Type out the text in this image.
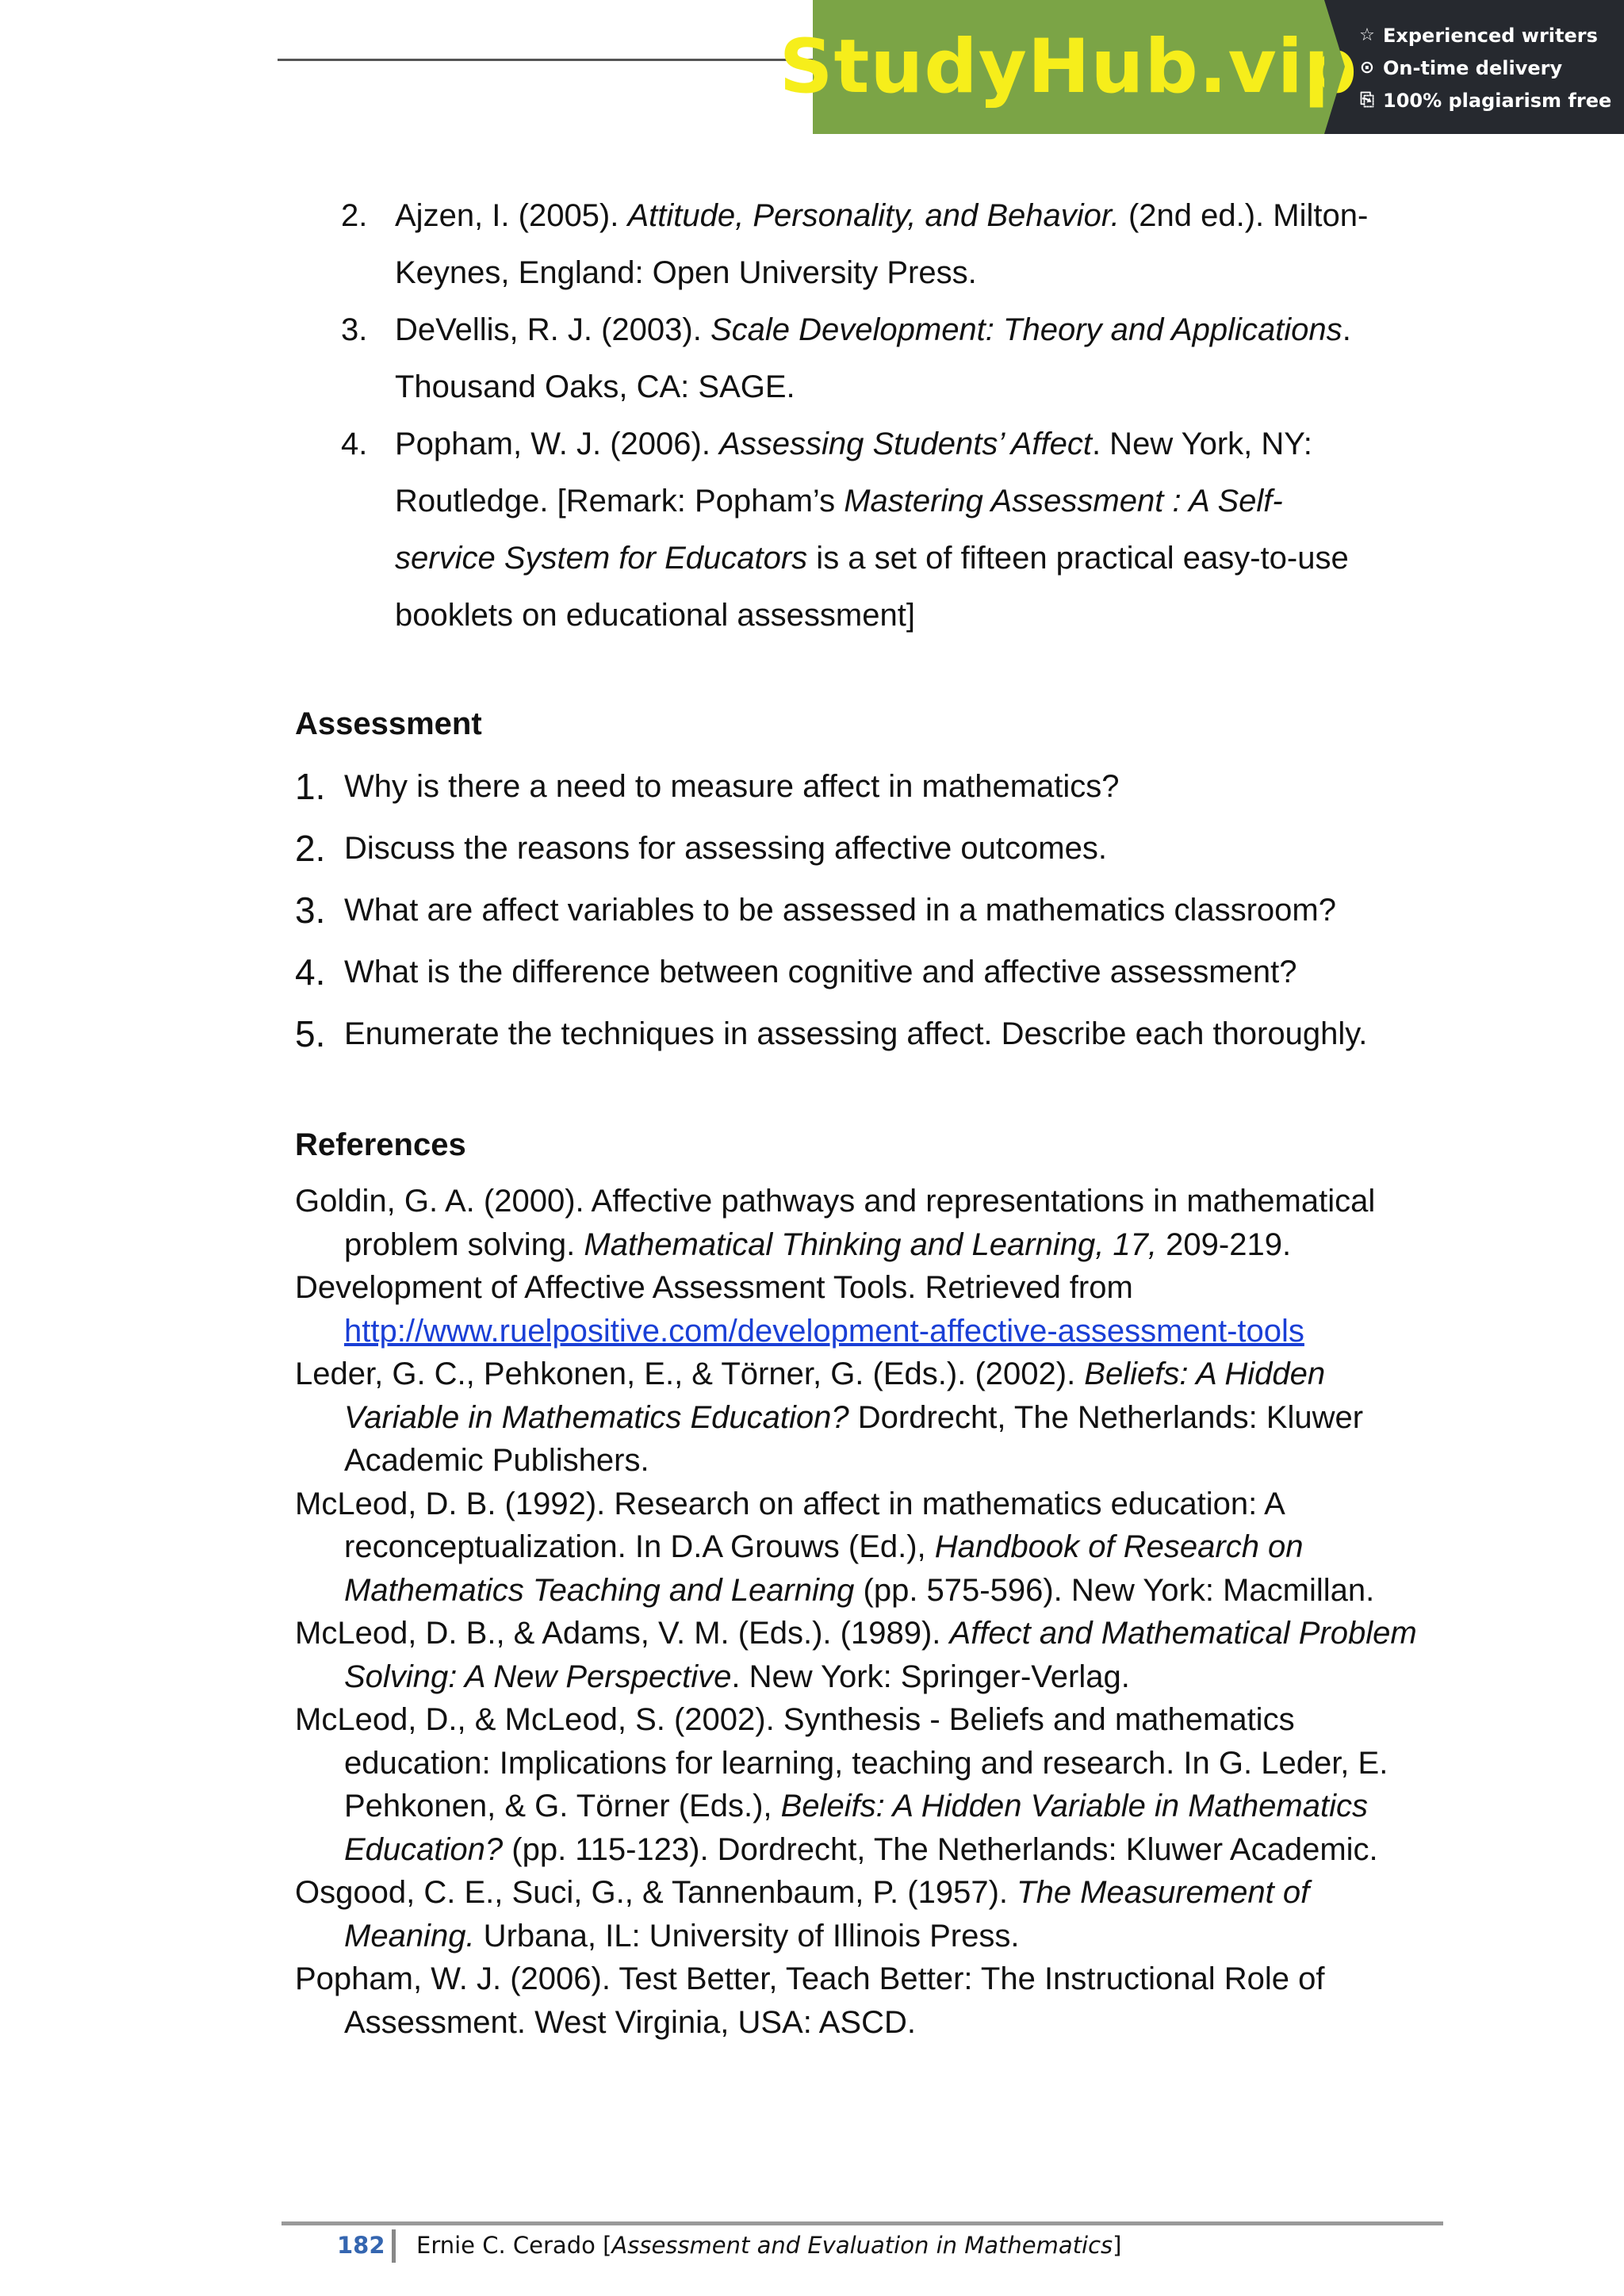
StudyHub.vip ☆ Experienced writers
⊙ On-time delivery
⎘ 100% plagiarism free
2. Ajzen, I. (2005). Attitude, Personality, and Behavior. (2nd ed.). Milton-Keynes, England: Open University Press.
3. DeVellis, R. J. (2003). Scale Development: Theory and Applications. Thousand Oaks, CA: SAGE.
4. Popham, W. J. (2006). Assessing Students’ Affect. New York, NY: Routledge. [Remark: Popham’s Mastering Assessment : A Self-service System for Educators is a set of fifteen practical easy-to-use booklets on educational assessment]
Assessment
1. Why is there a need to measure affect in mathematics?
2. Discuss the reasons for assessing affective outcomes.
3. What are affect variables to be assessed in a mathematics classroom?
4. What is the difference between cognitive and affective assessment?
5. Enumerate the techniques in assessing affect. Describe each thoroughly.
References
Goldin, G. A. (2000). Affective pathways and representations in mathematical problem solving. Mathematical Thinking and Learning, 17, 209-219.
Development of Affective Assessment Tools. Retrieved from http://www.ruelpositive.com/development-affective-assessment-tools
Leder, G. C., Pehkonen, E., & Törner, G. (Eds.). (2002). Beliefs: A Hidden Variable in Mathematics Education? Dordrecht, The Netherlands: Kluwer Academic Publishers.
McLeod, D. B. (1992). Research on affect in mathematics education: A reconceptualization. In D.A Grouws (Ed.), Handbook of Research on Mathematics Teaching and Learning (pp. 575-596). New York: Macmillan.
McLeod, D. B., & Adams, V. M. (Eds.). (1989). Affect and Mathematical Problem Solving: A New Perspective. New York: Springer-Verlag.
McLeod, D., & McLeod, S. (2002). Synthesis - Beliefs and mathematics education: Implications for learning, teaching and research. In G. Leder, E. Pehkonen, & G. Törner (Eds.), Beleifs: A Hidden Variable in Mathematics Education? (pp. 115-123). Dordrecht, The Netherlands: Kluwer Academic.
Osgood, C. E., Suci, G., & Tannenbaum, P. (1957). The Measurement of Meaning. Urbana, IL: University of Illinois Press.
Popham, W. J. (2006). Test Better, Teach Better: The Instructional Role of Assessment. West Virginia, USA: ASCD.
182 Ernie C. Cerado [Assessment and Evaluation in Mathematics]
